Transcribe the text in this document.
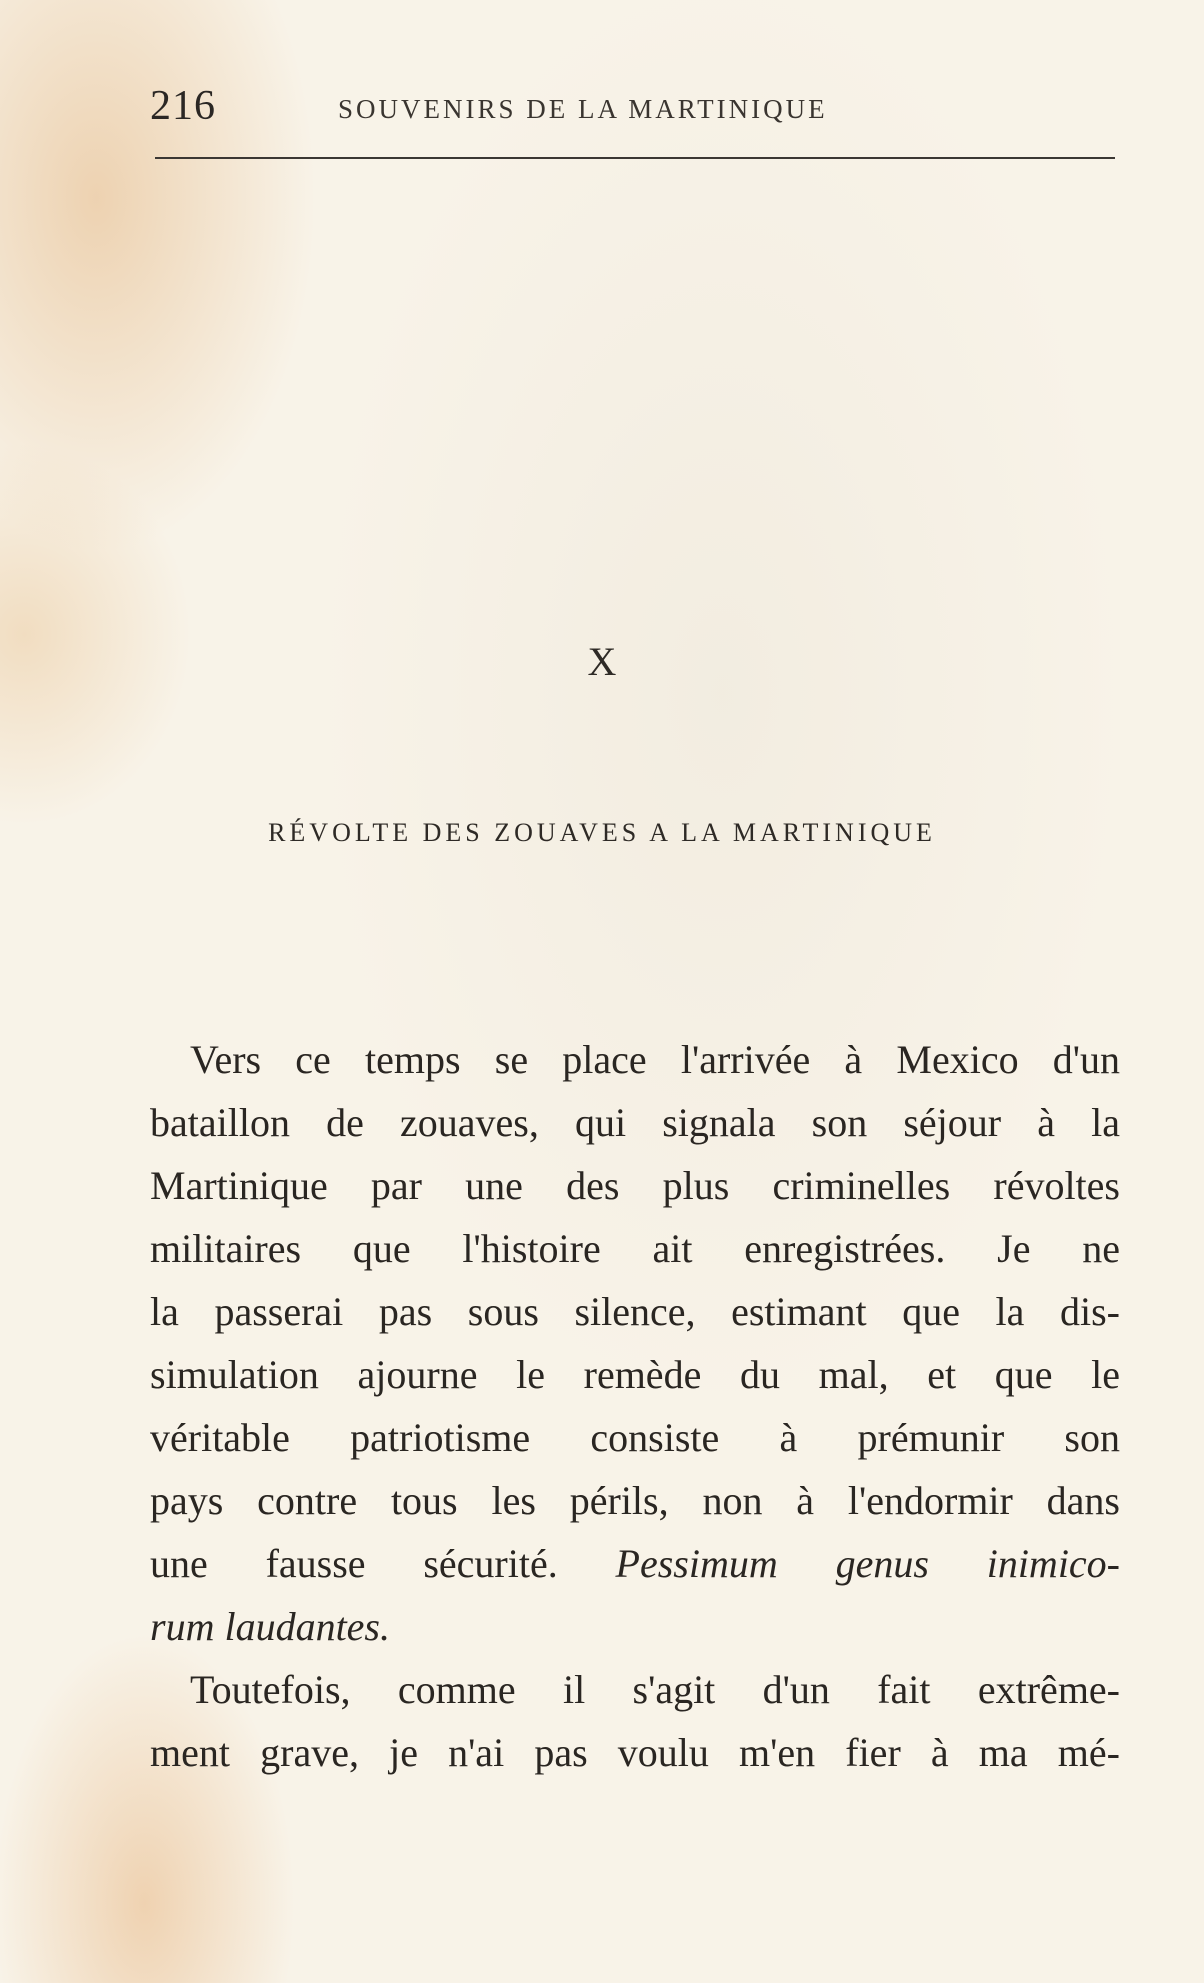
216	SOUVENIRS DE LA MARTINIQUE
X
RÉVOLTE DES ZOUAVES A LA MARTINIQUE
Vers ce temps se place l'arrivée à Mexico d'un
bataillon de zouaves, qui signala son séjour à la
Martinique par une des plus criminelles révoltes
militaires que l'histoire ait enregistrées. Je ne
la passerai pas sous silence, estimant que la dis-
simulation ajourne le remède du mal, et que le
véritable patriotisme consiste à prémunir son
pays contre tous les périls, non à l'endormir dans
une fausse sécurité. Pessimum genus inimico-
rum laudantes.
Toutefois, comme il s'agit d'un fait extrême-
ment grave, je n'ai pas voulu m'en fier à ma mé-
